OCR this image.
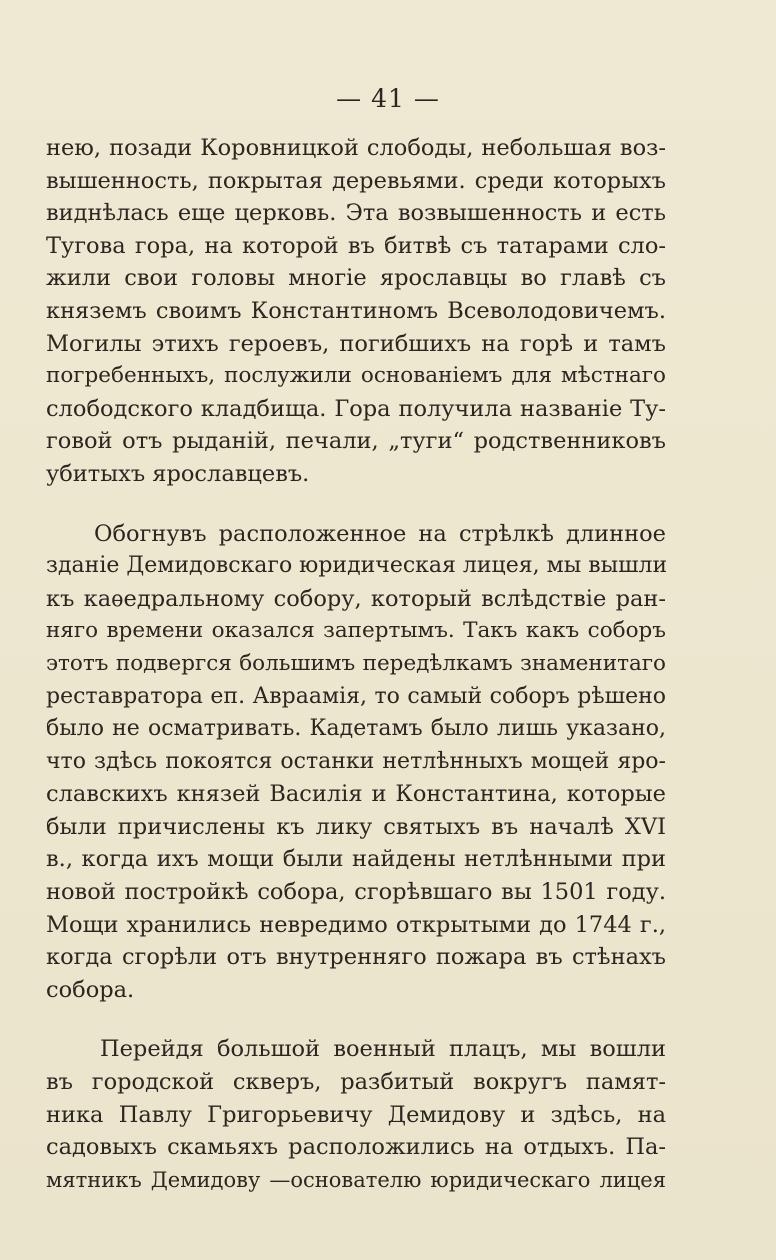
— 41 —
нею, позади Коровницкой слободы, небольшая воз-
вышенность, покрытая деревьями. среди которыхъ
виднѣлась еще церковь. Эта возвышенность и есть
Тугова гора, на которой въ битвѣ съ татарами сло-
жили свои головы многiе ярославцы во главѣ съ
княземъ своимъ Константиномъ Всеволодовичемъ.
Могилы этихъ героевъ, погибшихъ на горѣ и тамъ
погребенныхъ, послужили основанiемъ для мѣстнаго
слободского кладбища. Гора получила названiе Ту-
говой отъ рыданiй, печали, „туги“ родственниковъ
убитыхъ ярославцевъ.
Обогнувъ расположенное на стрѣлкѣ длинное
зданiе Демидовскаго юридическая лицея, мы вышли
къ каѳедральному собору, который вслѣдствiе ран-
няго времени оказался запертымъ. Такъ какъ соборъ
этотъ подвергся большимъ передѣлкамъ знаменитаго
реставратора еп. Авраамiя, то самый соборъ рѣшено
было не осматривать. Кадетамъ было лишь указано,
что здѣсь покоятся останки нетлѣнныхъ мощей яро-
славскихъ князей Василiя и Константина, которые
были причислены къ лику святыхъ въ началѣ XVI
в., когда ихъ мощи были найдены нетлѣнными при
новой постройкѣ собора, сгорѣвшаго вы 1501 году.
Мощи хранились невредимо открытыми до 1744 г.,
когда сгорѣли отъ внутренняго пожара въ стѣнахъ
собора.
Перейдя большой военный плацъ, мы вошли
въ городской скверъ, разбитый вокругъ памят-
ника Павлу Григорьевичу Демидову и здѣсь, на
садовыхъ скамьяхъ расположились на отдыхъ. Па-
мятникъ Демидову —основателю юридическаго лицея
